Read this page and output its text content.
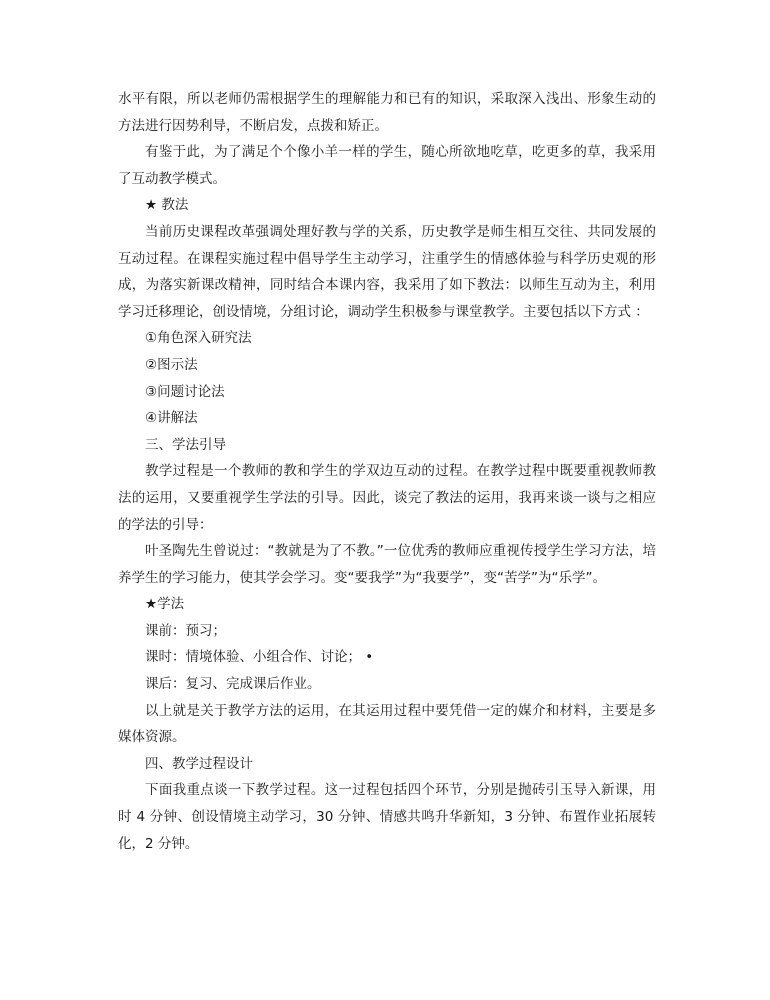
水平有限，所以老师仍需根据学生的理解能力和已有的知识，采取深入浅出、形象生动的方法进行因势利导，不断启发，点拨和矫正。

有鉴于此，为了满足个个像小羊一样的学生，随心所欲地吃草，吃更多的草，我采用了互动教学模式。

★ 教法

当前历史课程改革强调处理好教与学的关系，历史教学是师生相互交往、共同发展的互动过程。在课程实施过程中倡导学生主动学习，注重学生的情感体验与科学历史观的形成，为落实新课改精神，同时结合本课内容，我采用了如下教法：以师生互动为主，利用学习迁移理论，创设情境，分组讨论，调动学生积极参与课堂教学。主要包括以下方式 ：

①角色深入研究法

②图示法

③问题讨论法

④讲解法

三、学法引导

教学过程是一个教师的教和学生的学双边互动的过程。在教学过程中既要重视教师教法的运用，又要重视学生学法的引导。因此，谈完了教法的运用，我再来谈一谈与之相应的学法的引导：

叶圣陶先生曾说过：“教就是为了不教。”一位优秀的教师应重视传授学生学习方法，培养学生的学习能力，使其学会学习。变“要我学”为“我要学”，变“苦学”为“乐学”。

★学法

课前：预习；

课时：情境体验、小组合作、讨论； •

课后：复习、完成课后作业。

以上就是关于教学方法的运用，在其运用过程中要凭借一定的媒介和材料，主要是多媒体资源。

四、教学过程设计

下面我重点谈一下教学过程。这一过程包括四个环节，分别是抛砖引玉导入新课，用时 4 分钟、创设情境主动学习，30 分钟、情感共鸣升华新知，3 分钟、布置作业拓展转化，2 分钟。
